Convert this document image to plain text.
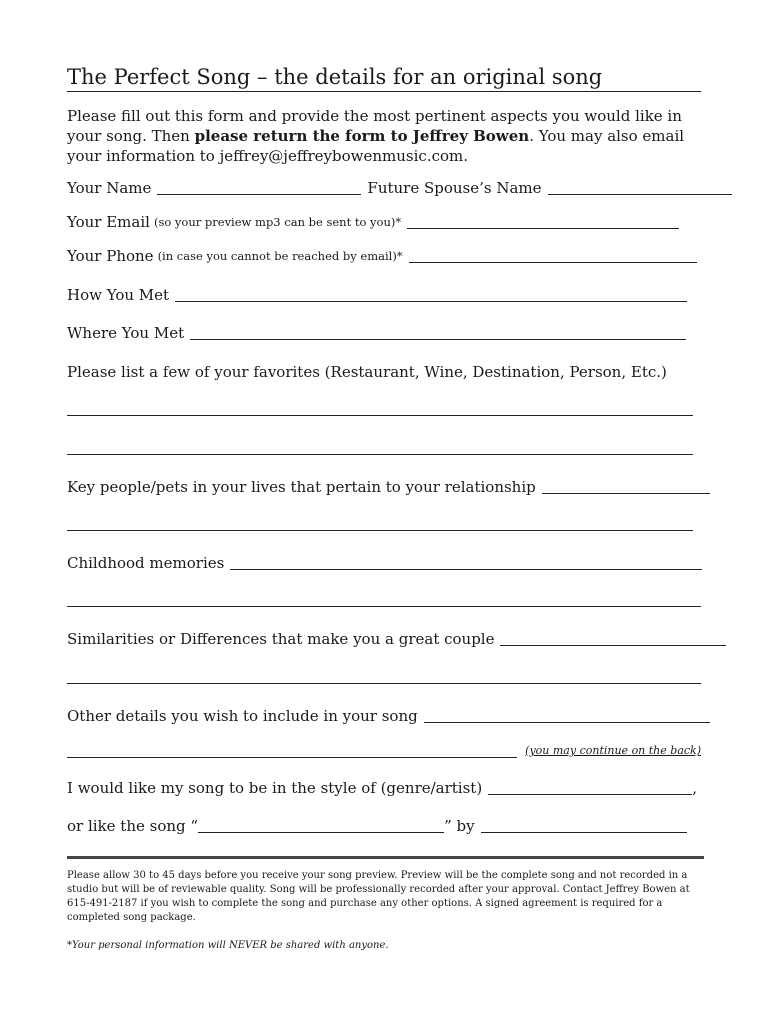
The Perfect Song – the details for an original song
Please fill out this form and provide the most pertinent aspects you would like in your song. Then please return the form to Jeffrey Bowen. You may also email your information to jeffrey@jeffreybowenmusic.com.
Your Name	Future Spouse’s Name
Your Email (so your preview mp3 can be sent to you)*
Your Phone (in case you cannot be reached by email)*
How You Met
Where You Met
Please list a few of your favorites (Restaurant, Wine, Destination, Person, Etc.)
Key people/pets in your lives that pertain to your relationship
Childhood memories
Similarities or Differences that make you a great couple
Other details you wish to include in your song
(you may continue on the back)
I would like my song to be in the style of (genre/artist)	,
or like the song “	” by
Please allow 30 to 45 days before you receive your song preview. Preview will be the complete song and not recorded in a studio but will be of reviewable quality. Song will be professionally recorded after your approval. Contact Jeffrey Bowen at 615-491-2187 if you wish to complete the song and purchase any other options. A signed agreement is required for a completed song package.
*Your personal information will NEVER be shared with anyone.
